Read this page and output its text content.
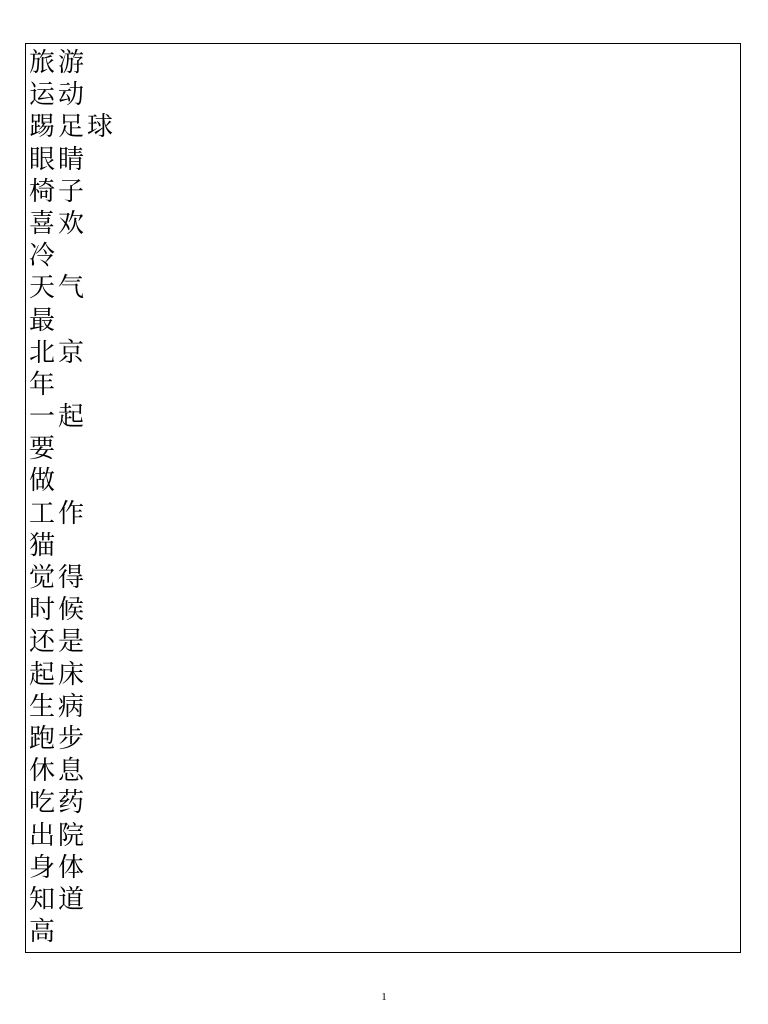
旅游
运动
踢足球
眼睛
椅子
喜欢
冷
天气
最
北京
年
一起
要
做
工作
猫
觉得
时候
还是
起床
生病
跑步
休息
吃药
出院
身体
知道
高
1
